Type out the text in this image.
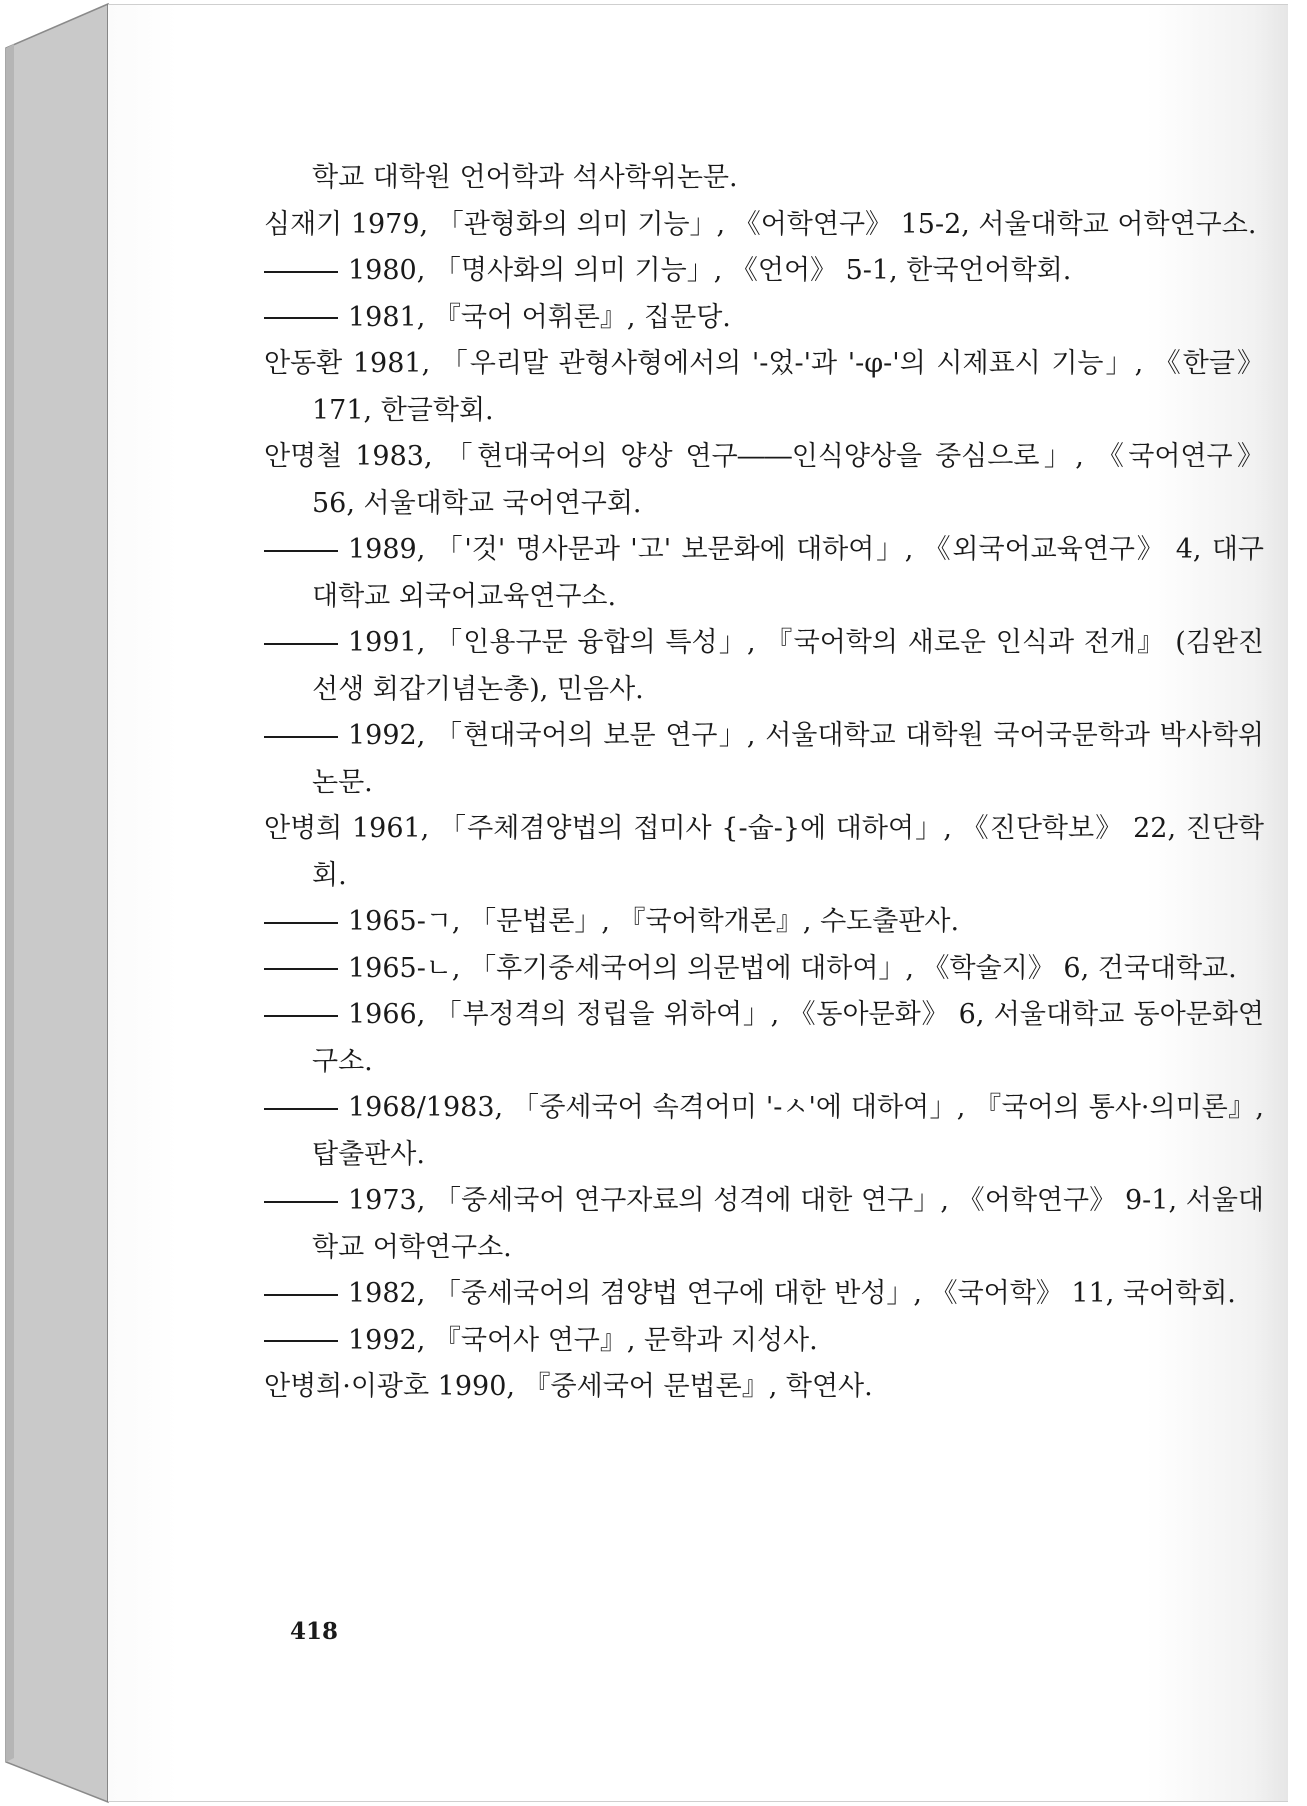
학교 대학원 언어학과 석사학위논문.

심재기 1979, 「관형화의 의미 기능」, 《어학연구》 15-2, 서울대학교 어학연구소.

1980, 「명사화의 의미 기능」, 《언어》 5-1, 한국언어학회.

1981, 『국어 어휘론』, 집문당.

안동환 1981, 「우리말 관형사형에서의 '-었-'과 '-φ-'의 시제표시 기능」, 《한글》 171, 한글학회.

안명철 1983, 「현대국어의 양상 연구――인식양상을 중심으로」, 《국어연구》 56, 서울대학교 국어연구회.

1989, 「'것' 명사문과 '고' 보문화에 대하여」, 《외국어교육연구》 4, 대구대학교 외국어교육연구소.

1991, 「인용구문 융합의 특성」, 『국어학의 새로운 인식과 전개』 (김완진선생 회갑기념논총), 민음사.

1992, 「현대국어의 보문 연구」, 서울대학교 대학원 국어국문학과 박사학위논문.

안병희 1961, 「주체겸양법의 접미사 {-숩-}에 대하여」, 《진단학보》 22, 진단학회.

1965-ㄱ, 「문법론」, 『국어학개론』, 수도출판사.

1965-ㄴ, 「후기중세국어의 의문법에 대하여」, 《학술지》 6, 건국대학교.

1966, 「부정격의 정립을 위하여」, 《동아문화》 6, 서울대학교 동아문화연구소.

1968/1983, 「중세국어 속격어미 '-ㅅ'에 대하여」, 『국어의 통사·의미론』, 탑출판사.

1973, 「중세국어 연구자료의 성격에 대한 연구」, 《어학연구》 9-1, 서울대학교 어학연구소.

1982, 「중세국어의 겸양법 연구에 대한 반성」, 《국어학》 11, 국어학회.

1992, 『국어사 연구』, 문학과 지성사.

안병희·이광호 1990, 『중세국어 문법론』, 학연사.

418
